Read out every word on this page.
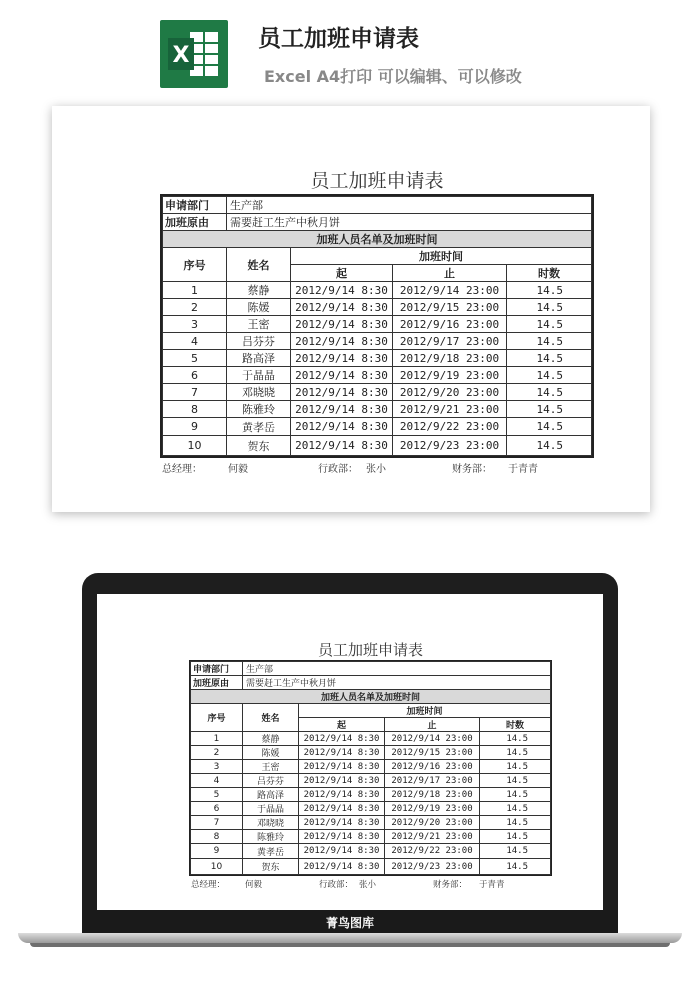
X
员工加班申请表
Excel A4打印 可以编辑、可以修改
员工加班申请表
申请部门	生产部			
加班原由	需要赶工生产中秋月饼			
加班人员名单及加班时间				
序号	姓名	加班时间		
		起	止	时数
1	蔡静	2012/9/14 8:30	2012/9/14 23:00	14.5
2	陈媛	2012/9/14 8:30	2012/9/15 23:00	14.5
3	王密	2012/9/14 8:30	2012/9/16 23:00	14.5
4	吕芬芬	2012/9/14 8:30	2012/9/17 23:00	14.5
5	路高泽	2012/9/14 8:30	2012/9/18 23:00	14.5
6	于晶晶	2012/9/14 8:30	2012/9/19 23:00	14.5
7	邓晓晓	2012/9/14 8:30	2012/9/20 23:00	14.5
8	陈雅玲	2012/9/14 8:30	2012/9/21 23:00	14.5
9	黄孝岳	2012/9/14 8:30	2012/9/22 23:00	14.5
10	贺东	2012/9/14 8:30	2012/9/23 23:00	14.5
总经理：	何毅	行政部： 张小	财务部： 于青青
员工加班申请表
申请部门	生产部			
加班原由	需要赶工生产中秋月饼			
加班人员名单及加班时间				
序号	姓名	加班时间		
		起	止	时数
1	蔡静	2012/9/14 8:30	2012/9/14 23:00	14.5
2	陈媛	2012/9/14 8:30	2012/9/15 23:00	14.5
3	王密	2012/9/14 8:30	2012/9/16 23:00	14.5
4	吕芬芬	2012/9/14 8:30	2012/9/17 23:00	14.5
5	路高泽	2012/9/14 8:30	2012/9/18 23:00	14.5
6	于晶晶	2012/9/14 8:30	2012/9/19 23:00	14.5
7	邓晓晓	2012/9/14 8:30	2012/9/20 23:00	14.5
8	陈雅玲	2012/9/14 8:30	2012/9/21 23:00	14.5
9	黄孝岳	2012/9/14 8:30	2012/9/22 23:00	14.5
10	贺东	2012/9/14 8:30	2012/9/23 23:00	14.5
总经理： 何毅	行政部： 张小	财务部： 于青青
菁鸟图库
